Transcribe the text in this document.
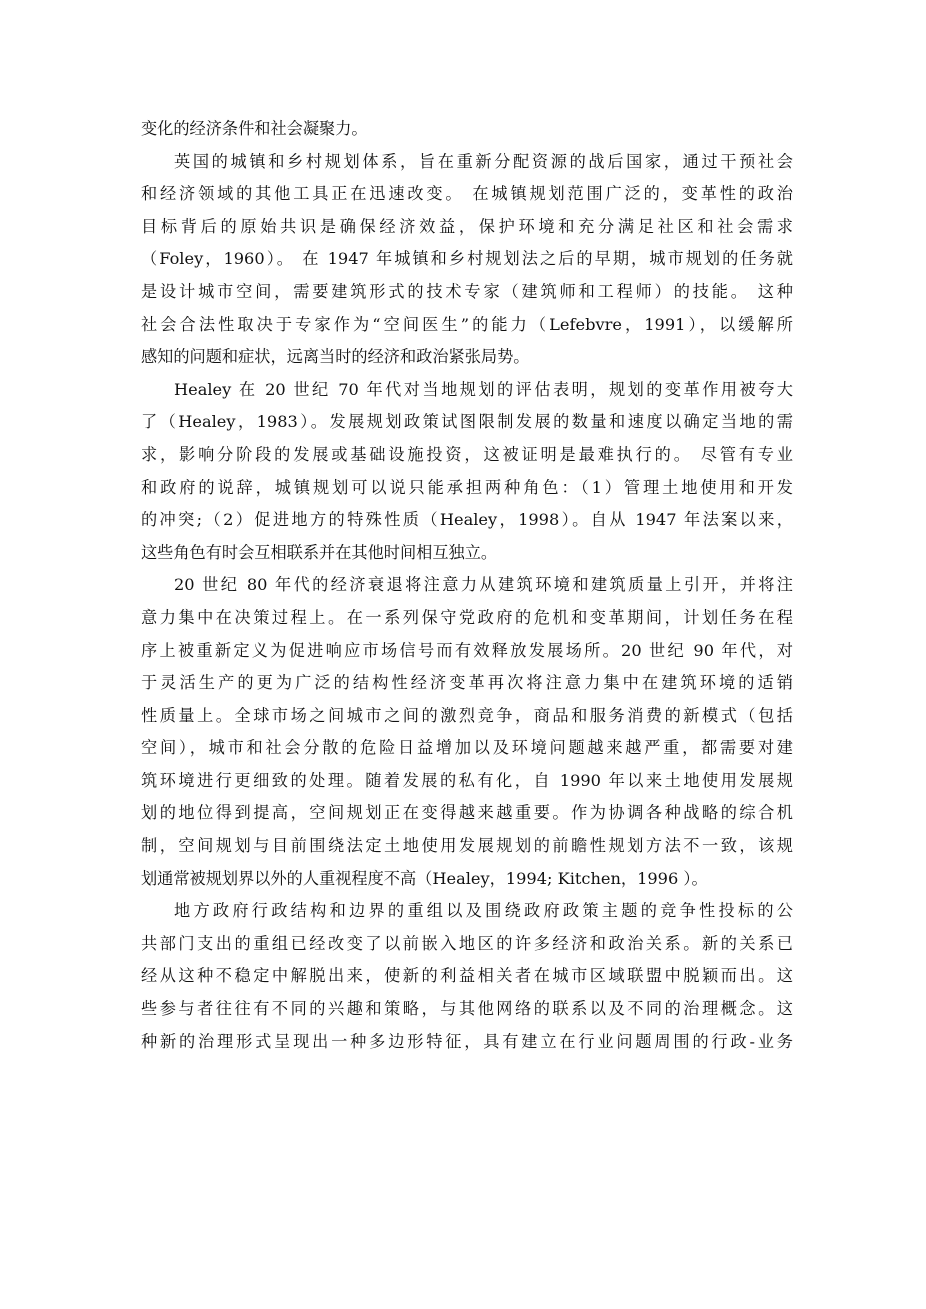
变化的经济条件和社会凝聚力。
英国的城镇和乡村规划体系，旨在重新分配资源的战后国家，通过干预社会
和经济领域的其他工具正在迅速改变。 在城镇规划范围广泛的，变革性的政治
目标背后的原始共识是确保经济效益，保护环境和充分满足社区和社会需求
（Foley，1960）。 在 1947 年城镇和乡村规划法之后的早期，城市规划的任务就
是设计城市空间，需要建筑形式的技术专家（建筑师和工程师）的技能。 这种
社会合法性取决于专家作为“空间医生”的能力（Lefebvre，1991），以缓解所
感知的问题和症状，远离当时的经济和政治紧张局势。
Healey 在 20 世纪 70 年代对当地规划的评估表明，规划的变革作用被夸大
了（Healey，1983）。发展规划政策试图限制发展的数量和速度以确定当地的需
求，影响分阶段的发展或基础设施投资，这被证明是最难执行的。 尽管有专业
和政府的说辞，城镇规划可以说只能承担两种角色：（1）管理土地使用和开发
的冲突;（2）促进地方的特殊性质（Healey，1998）。自从 1947 年法案以来，
这些角色有时会互相联系并在其他时间相互独立。
20 世纪 80 年代的经济衰退将注意力从建筑环境和建筑质量上引开，并将注
意力集中在决策过程上。在一系列保守党政府的危机和变革期间，计划任务在程
序上被重新定义为促进响应市场信号而有效释放发展场所。20 世纪 90 年代，对
于灵活生产的更为广泛的结构性经济变革再次将注意力集中在建筑环境的适销
性质量上。全球市场之间城市之间的激烈竞争，商品和服务消费的新模式（包括
空间），城市和社会分散的危险日益增加以及环境问题越来越严重，都需要对建
筑环境进行更细致的处理。随着发展的私有化，自 1990 年以来土地使用发展规
划的地位得到提高，空间规划正在变得越来越重要。作为协调各种战略的综合机
制，空间规划与目前围绕法定土地使用发展规划的前瞻性规划方法不一致，该规
划通常被规划界以外的人重视程度不高（Healey，1994; Kitchen，1996 ）。
地方政府行政结构和边界的重组以及围绕政府政策主题的竞争性投标的公
共部门支出的重组已经改变了以前嵌入地区的许多经济和政治关系。新的关系已
经从这种不稳定中解脱出来，使新的利益相关者在城市区域联盟中脱颖而出。这
些参与者往往有不同的兴趣和策略，与其他网络的联系以及不同的治理概念。这
种新的治理形式呈现出一种多边形特征，具有建立在行业问题周围的行政-业务
